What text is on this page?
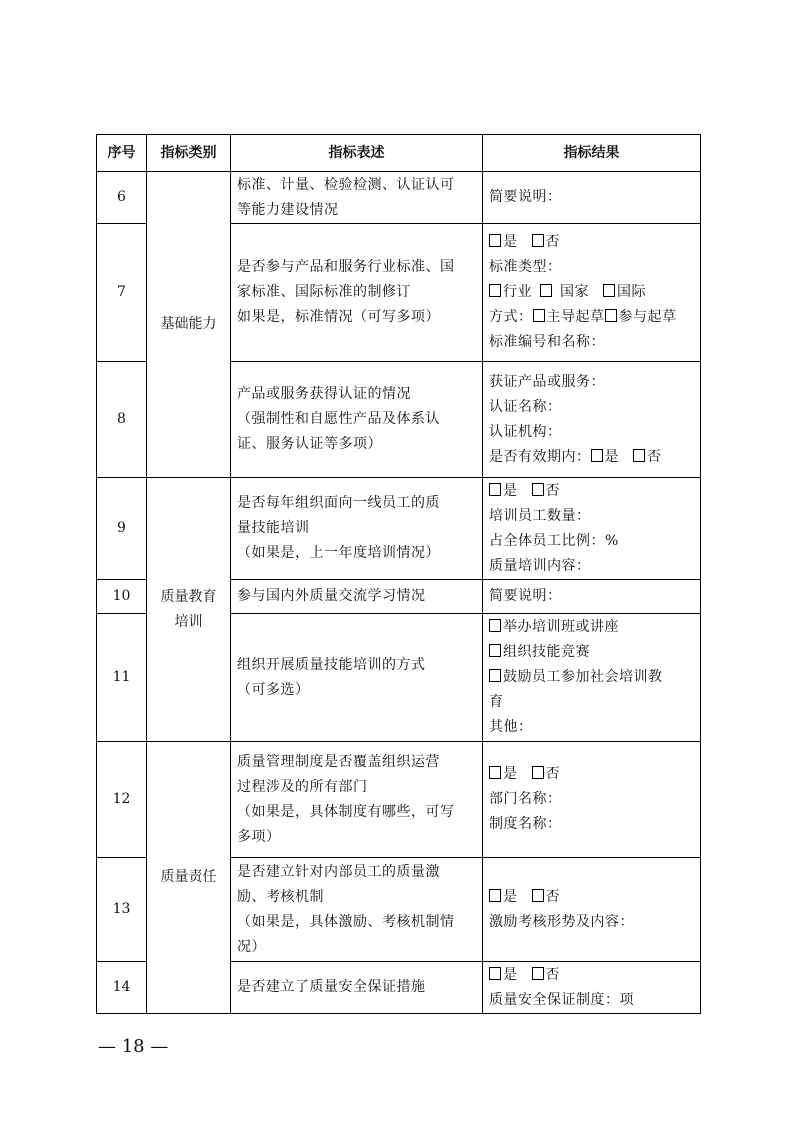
序号	指标类别	指标表述	指标结果
6	基础能力	标准、计量、检验检测、认证认可
等能力建设情况	简要说明：

7		是否参与产品和服务行业标准、国
家标准、国际标准的制修订
如果是，标准情况（可写多项）	是 否
标准类型：
行业 国家 国际
方式： 主导起草 参与起草
标准编号和名称：

8		产品或服务获得认证的情况
（强制性和自愿性产品及体系认
证、服务认证等多项）	获证产品或服务：
认证名称：
认证机构：
是否有效期内： 是 否

9	质量教育
培训	是否每年组织面向一线员工的质
量技能培训
（如果是，上一年度培训情况）	是 否
培训员工数量：
占全体员工比例：%
质量培训内容：

10		参与国内外质量交流学习情况	简要说明：

11		组织开展质量技能培训的方式
（可多选）	举办培训班或讲座
组织技能竞赛
鼓励员工参加社会培训教
育
其他：

12	质量责任	质量管理制度是否覆盖组织运营
过程涉及的所有部门
（如果是，具体制度有哪些，可写
多项）	是 否
部门名称：
制度名称：

13		是否建立针对内部员工的质量激
励、考核机制
（如果是，具体激励、考核机制情
况）	是 否
激励考核形势及内容：

14		是否建立了质量安全保证措施	是 否
质量安全保证制度：项
— 18 —
